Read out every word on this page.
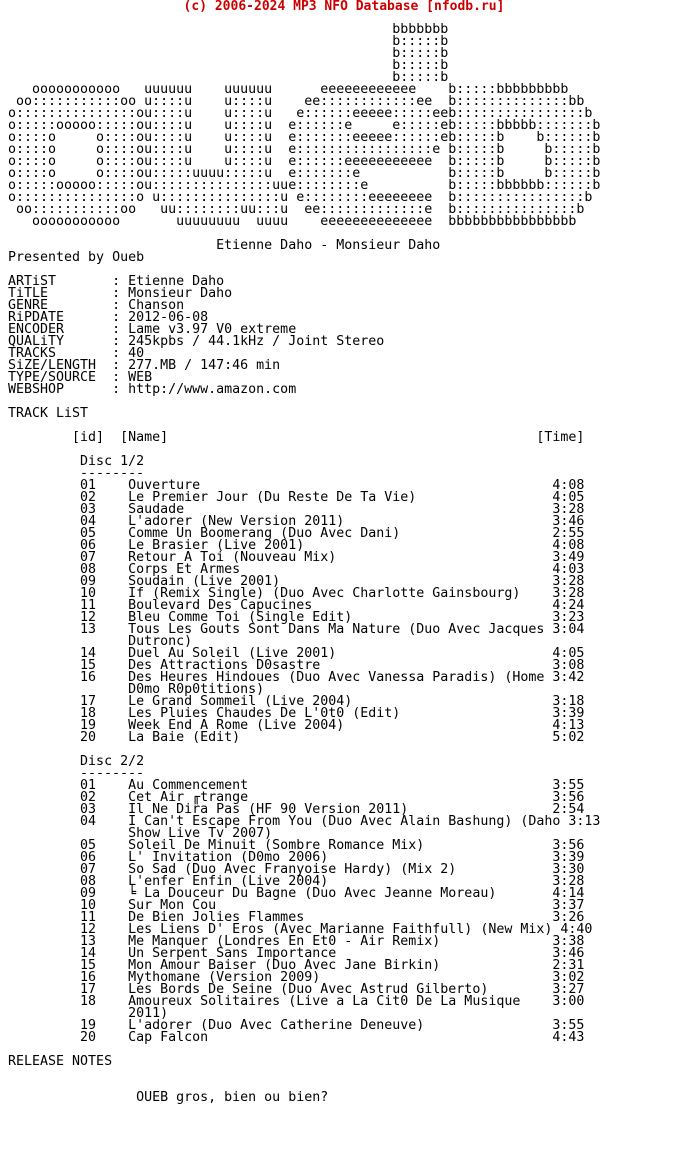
(c) 2006-2024 MP3 NFO Database [nfodb.ru]
bbbbbbb
b:::::b
b:::::b
b:::::b
b:::::b
ooooooooooo   uuuuuu    uuuuuu      eeeeeeeeeeee    b:::::bbbbbbbbb
oo:::::::::::oo u::::u    u::::u    ee::::::::::::ee  b::::::::::::::bb
o:::::::::::::::ou::::u    u::::u   e::::::eeeee:::::eeb::::::::::::::::b
o:::::ooooo:::::ou::::u    u::::u  e::::::e     e:::::eb:::::bbbbb:::::::b
o::::o     o::::ou::::u    u::::u  e:::::::eeeee::::::eb:::::b    b::::::b
o::::o     o::::ou::::u    u::::u  e:::::::::::::::::e b:::::b     b:::::b
o::::o     o::::ou::::u    u::::u  e::::::eeeeeeeeeee  b:::::b     b:::::b
o::::o     o::::ou:::::uuuu:::::u  e:::::::e           b:::::b     b:::::b
o:::::ooooo:::::ou:::::::::::::::uue::::::::e          b:::::bbbbbb::::::b
o:::::::::::::::o u:::::::::::::::u e::::::::eeeeeeee  b::::::::::::::::b
oo:::::::::::oo   uu::::::::uu:::u  ee:::::::::::::e  b:::::::::::::::b
ooooooooooo       uuuuuuuu  uuuu    eeeeeeeeeeeeee  bbbbbbbbbbbbbbbb

Etienne Daho - Monsieur Daho
Presented by Oueb

ARTiST       : Etienne Daho
TiTLE        : Monsieur Daho
GENRE        : Chanson
RiPDATE      : 2012-06-08
ENCODER      : Lame v3.97 V0 extreme
QUALiTY      : 245kpbs / 44.1kHz / Joint Stereo
TRACKS       : 40
SiZE/LENGTH  : 277.MB / 147:46 min
TYPE/SOURCE  : WEB
WEBSHOP      : http://www.amazon.com

TRACK LiST

[id]  [Name]                                              [Time]

Disc 1/2
--------
01    Ouverture                                            4:08
02    Le Premier Jour (Du Reste De Ta Vie)                 4:05
03    Saudade                                              3:28
04    L'adorer (New Version 2011)                          3:46
05    Comme Un Boomerang (Duo Avec Dani)                   2:55
06    Le Brasier (Live 2001)                               4:08
07    Retour A Toi (Nouveau Mix)                           3:49
08    Corps Et Armes                                       4:03
09    Soudain (Live 2001)                                  3:28
10    If (Remix Single) (Duo Avec Charlotte Gainsbourg)    3:28
11    Boulevard Des Capucines                              4:24
12    Bleu Comme Toi (Single Edit)                         3:23
13    Tous Les Gouts Sont Dans Ma Nature (Duo Avec Jacques 3:04
Dutronc)
14    Duel Au Soleil (Live 2001)                           4:05
15    Des Attractions D0sastre                             3:08
16    Des Heures Hindoues (Duo Avec Vanessa Paradis) (Home 3:42
D0mo R0p0titions)
17    Le Grand Sommeil (Live 2004)                         3:18
18    Les Pluies Chaudes De L'0t0 (Edit)                   3:39
19    Week End A Rome (Live 2004)                          4:13
20    La Baie (Edit)                                       5:02

Disc 2/2
--------
01    Au Commencement                                      3:55
02    Cet Air ╓trange                                      3:56
03    Il Ne Dira Pas (HF 90 Version 2011)                  2:54
04    I Can't Escape From You (Duo Avec Alain Bashung) (Daho 3:13
Show Live Tv 2007)
05    Soleil De Minuit (Sombre Romance Mix)                3:56
06    L' Invitation (D0mo 2006)                            3:39
07    So Sad (Duo Avec Franуoise Hardy) (Mix 2)            3:30
08    L'enfer Enfin (Live 2004)                            3:28
09    ╘ La Douceur Du Bagne (Duo Avec Jeanne Moreau)       4:14
10    Sur Mon Cou                                          3:37
11    De Bien Jolies Flammes                               3:26
12    Les Liens D' Eros (Avec Marianne Faithfull) (New Mix) 4:40
13    Me Manquer (Londres En Et0 - Air Remix)              3:38
14    Un Serpent Sans Importance                           3:46
15    Mon Amour Baiser (Duo Avec Jane Birkin)              2:31
16    Mythomane (Version 2009)                             3:02
17    Les Bords De Seine (Duo Avec Astrud Gilberto)        3:27
18    Amoureux Solitaires (Live a La Cit0 De La Musique    3:00
2011)
19    L'adorer (Duo Avec Catherine Deneuve)                3:55
20    Cap Falcon                                           4:43

RELEASE NOTES

OUEB gros, bien ou bien?
